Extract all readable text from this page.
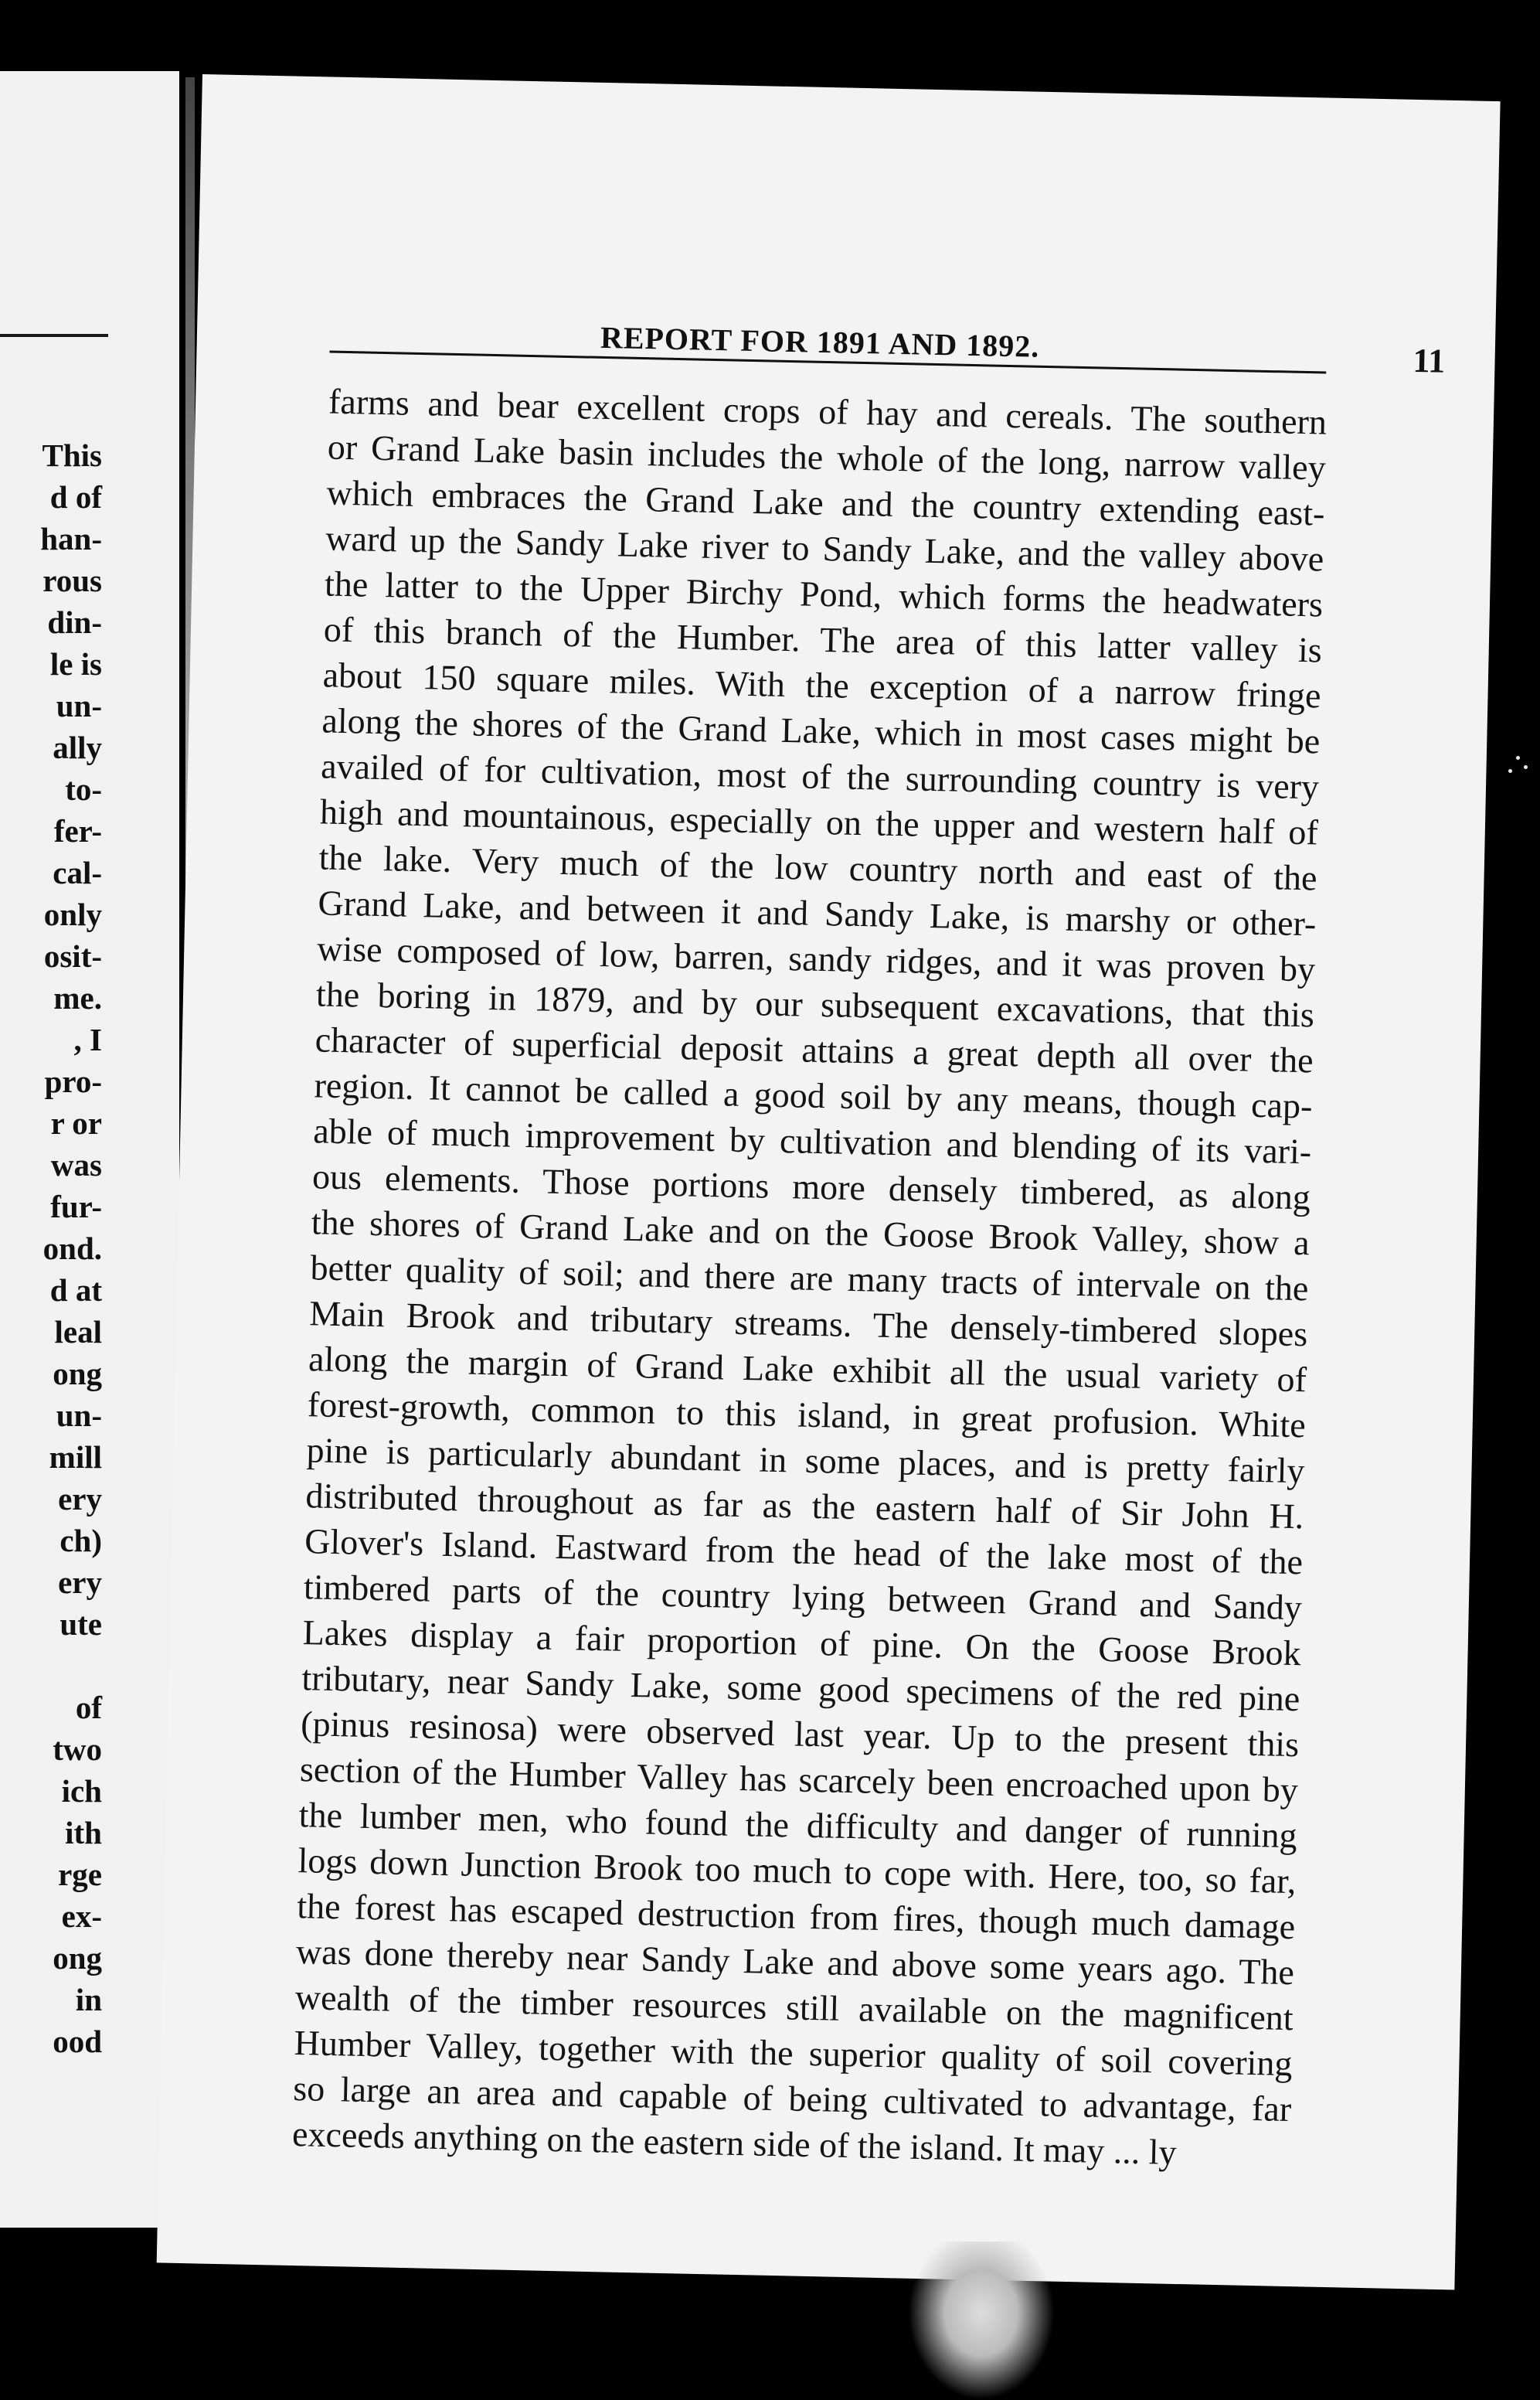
This
d of
han-
rous
din-
le is
un-
ally
to-
fer-
cal-
only
osit-
me.
, I
pro-
r or
was
fur-
ond.
d at
leal
ong
un-
mill
ery
ch)
ery
ute
of
two
ich
ith
rge
ex-
ong
in
ood
REPORT FOR 1891 AND 1892.	11
farms and bear excellent crops of hay and cereals. The southern
or Grand Lake basin includes the whole of the long, narrow valley
which embraces the Grand Lake and the country extending east-
ward up the Sandy Lake river to Sandy Lake, and the valley above
the latter to the Upper Birchy Pond, which forms the headwaters
of this branch of the Humber. The area of this latter valley is
about 150 square miles. With the exception of a narrow fringe
along the shores of the Grand Lake, which in most cases might be
availed of for cultivation, most of the surrounding country is very
high and mountainous, especially on the upper and western half of
the lake. Very much of the low country north and east of the
Grand Lake, and between it and Sandy Lake, is marshy or other-
wise composed of low, barren, sandy ridges, and it was proven by
the boring in 1879, and by our subsequent excavations, that this
character of superficial deposit attains a great depth all over the
region. It cannot be called a good soil by any means, though cap-
able of much improvement by cultivation and blending of its vari-
ous elements. Those portions more densely timbered, as along
the shores of Grand Lake and on the Goose Brook Valley, show a
better quality of soil; and there are many tracts of intervale on the
Main Brook and tributary streams. The densely-timbered slopes
along the margin of Grand Lake exhibit all the usual variety of
forest-growth, common to this island, in great profusion. White
pine is particularly abundant in some places, and is pretty fairly
distributed throughout as far as the eastern half of Sir John H.
Glover's Island. Eastward from the head of the lake most of the
timbered parts of the country lying between Grand and Sandy
Lakes display a fair proportion of pine. On the Goose Brook
tributary, near Sandy Lake, some good specimens of the red pine
(pinus resinosa) were observed last year. Up to the present this
section of the Humber Valley has scarcely been encroached upon by
the lumber men, who found the difficulty and danger of running
logs down Junction Brook too much to cope with. Here, too, so far,
the forest has escaped destruction from fires, though much damage
was done thereby near Sandy Lake and above some years ago. The
wealth of the timber resources still available on the magnificent
Humber Valley, together with the superior quality of soil covering
so large an area and capable of being cultivated to advantage, far
exceeds anything on the eastern side of the island. It may ... ly
